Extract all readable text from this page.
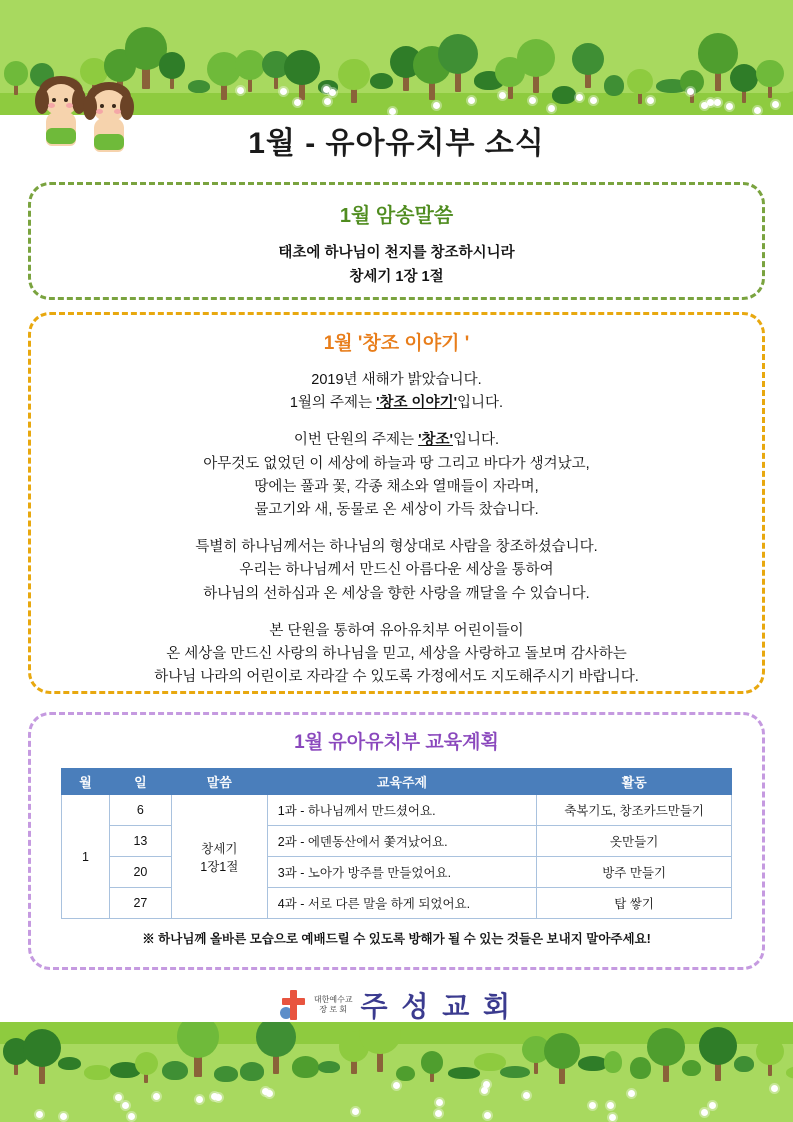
1월 - 유아유치부 소식
1월 암송말씀
태초에 하나님이 천지를 창조하시니라
창세기 1장 1절
1월 '창조 이야기 '
2019년 새해가 밝았습니다.
1월의 주제는 '창조 이야기'입니다.
이번 단원의 주제는 '창조'입니다.
아무것도 없었던 이 세상에 하늘과 땅 그리고 바다가 생겨났고,
땅에는 풀과 꽃, 각종 채소와 열매들이 자라며,
물고기와 새, 동물로 온 세상이 가득 찼습니다.
특별히 하나님께서는 하나님의 형상대로 사람을 창조하셨습니다.
우리는 하나님께서 만드신 아름다운 세상을 통하여
하나님의 선하심과 온 세상을 향한 사랑을 깨달을 수 있습니다.
본 단원을 통하여 유아유치부 어린이들이
온 세상을 만드신 사랑의 하나님을 믿고, 세상을 사랑하고 돌보며 감사하는
하나님 나라의 어린이로 자라갈 수 있도록 가정에서도 지도해주시기 바랍니다.
1월 유아유치부 교육계획
월	일	말씀	교육주제	활동
1	6	창세기
1장1절	1과 - 하나님께서 만드셨어요.	축복기도, 창조카드만들기
	13		2과 - 에덴동산에서 쫓겨났어요.	옷만들기
	20		3과 - 노아가 방주를 만들었어요.	방주 만들기
	27		4과 - 서로 다른 말을 하게 되었어요.	탑 쌓기
※ 하나님께 올바른 모습으로 예배드릴 수 있도록 방해가 될 수 있는 것들은 보내지 말아주세요!
대한예수교
장 로 회 주 성 교 회
